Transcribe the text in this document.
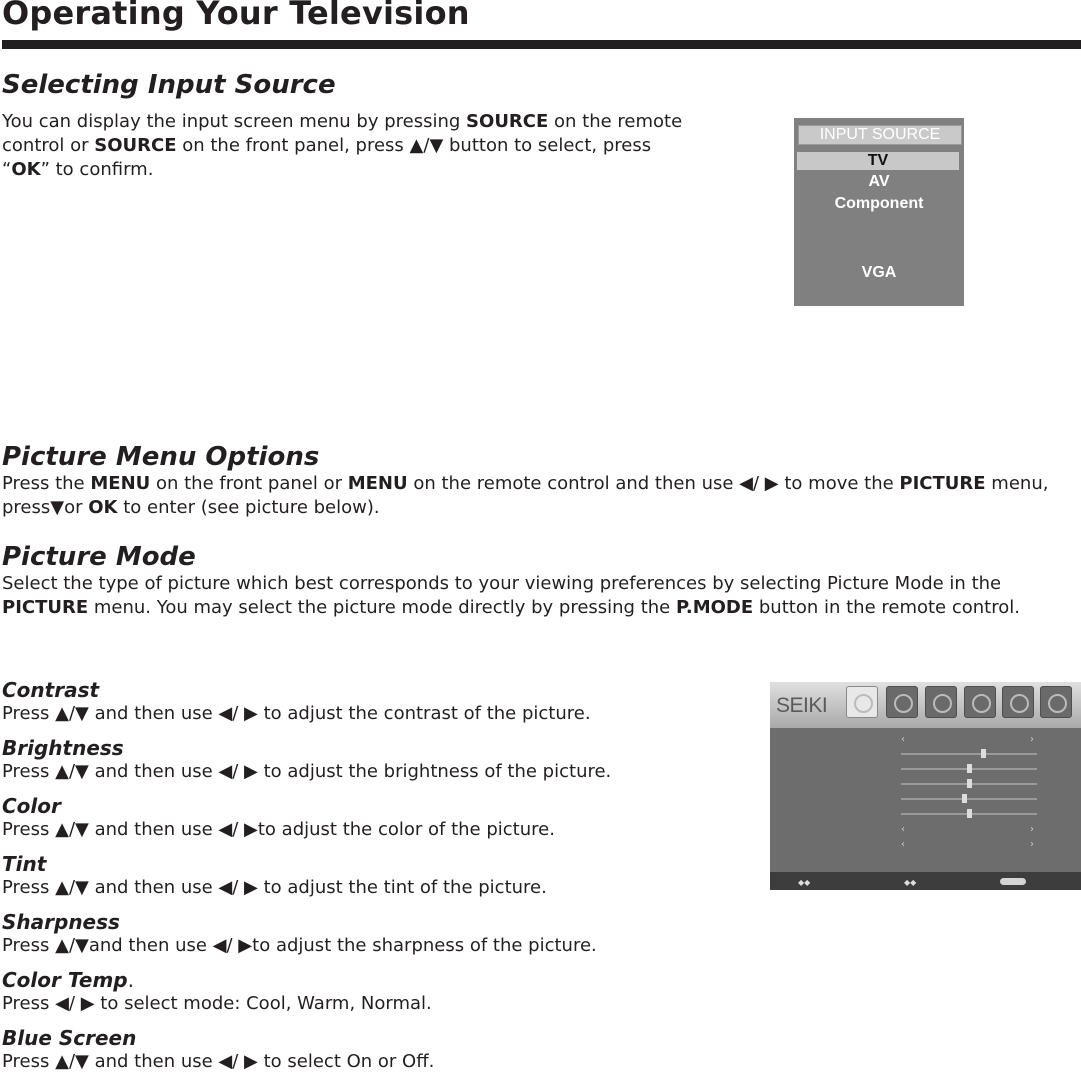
Operating Your Television
Selecting Input Source

You can display the input screen menu by pressing SOURCE on the remote control or SOURCE on the front panel, press ▲/▼ button to select, press “OK” to confirm.

INPUT SOURCE
TV
AV
Component
VGA
Picture Menu Options

Press the MENU on the front panel or MENU on the remote control and then use ◀/ ▶ to move the PICTURE menu, press▼or OK to enter (see picture below).

Picture Mode

Select the type of picture which best corresponds to your viewing preferences by selecting Picture Mode in the PICTURE menu. You may select the picture mode directly by pressing the P.MODE button in the remote control.

Contrast

Press ▲/▼ and then use ◀/ ▶ to adjust the contrast of the picture.

Brightness

Press ▲/▼ and then use ◀/ ▶ to adjust the brightness of the picture.

Color

Press ▲/▼ and then use ◀/ ▶to adjust the color of the picture.

Tint

Press ▲/▼ and then use ◀/ ▶ to adjust the tint of the picture.

Sharpness

Press ▲/▼and then use ◀/ ▶to adjust the sharpness of the picture.

Color Temp.

Press ◀/ ▶ to select mode: Cool, Warm, Normal.

Blue Screen

Press ▲/▼ and then use ◀/ ▶ to select On or Off.

SEIKI
‹	›
‹	›
‹	›
◆◆	◆◆
